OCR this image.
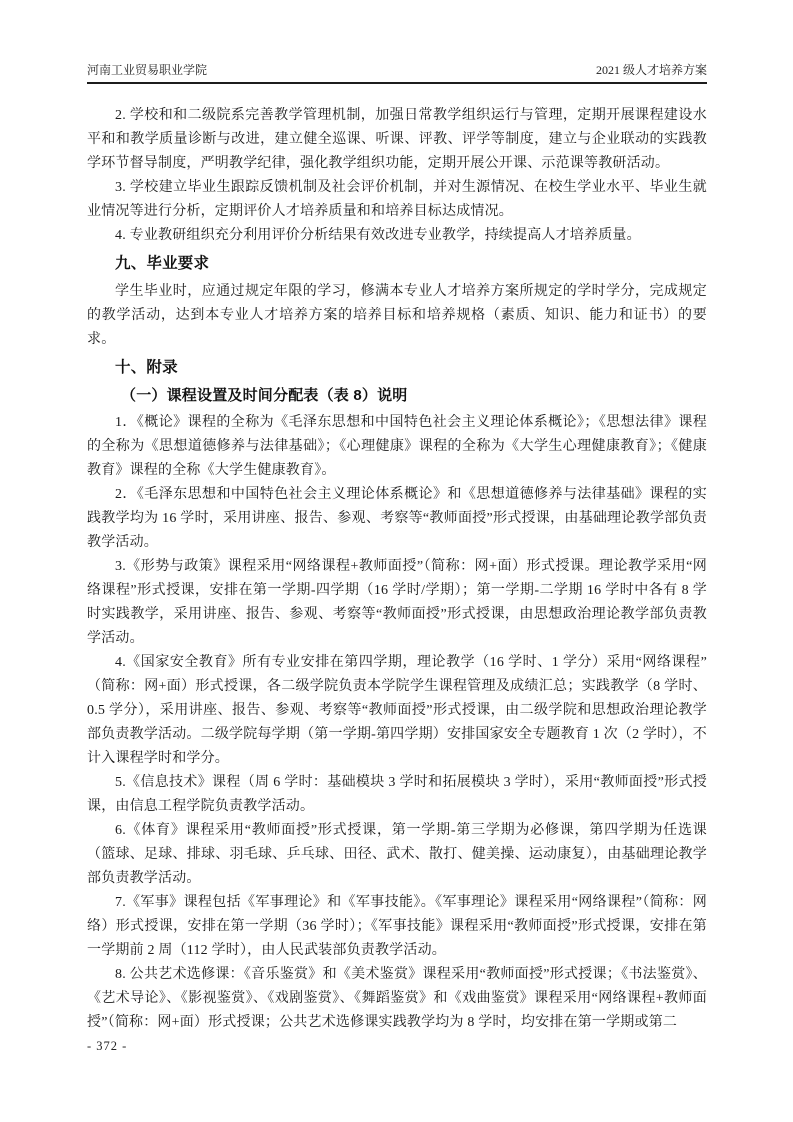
河南工业贸易职业学院	2021 级人才培养方案

2. 学校和和二级院系完善教学管理机制，加强日常教学组织运行与管理，定期开展课程建设水平和和教学质量诊断与改进，建立健全巡课、听课、评教、评学等制度，建立与企业联动的实践教学环节督导制度，严明教学纪律，强化教学组织功能，定期开展公开课、示范课等教研活动。

3. 学校建立毕业生跟踪反馈机制及社会评价机制，并对生源情况、在校生学业水平、毕业生就业情况等进行分析，定期评价人才培养质量和和培养目标达成情况。

4. 专业教研组织充分利用评价分析结果有效改进专业教学，持续提高人才培养质量。

九、毕业要求

学生毕业时，应通过规定年限的学习，修满本专业人才培养方案所规定的学时学分，完成规定的教学活动，达到本专业人才培养方案的培养目标和培养规格（素质、知识、能力和证书）的要求。

十、附录
（一）课程设置及时间分配表（表 8）说明

1．《概论》课程的全称为《毛泽东思想和中国特色社会主义理论体系概论》；《思想法律》课程的全称为《思想道德修养与法律基础》；《心理健康》课程的全称为《大学生心理健康教育》；《健康教育》课程的全称《大学生健康教育》。

2．《毛泽东思想和中国特色社会主义理论体系概论》和《思想道德修养与法律基础》课程的实践教学均为 16 学时，采用讲座、报告、参观、考察等“教师面授”形式授课，由基础理论教学部负责教学活动。

3.《形势与政策》课程采用“网络课程+教师面授”（简称：网+面）形式授课。理论教学采用“网络课程”形式授课，安排在第一学期-四学期（16 学时/学期）；第一学期-二学期 16 学时中各有 8 学时实践教学，采用讲座、报告、参观、考察等“教师面授”形式授课，由思想政治理论教学部负责教学活动。

4.《国家安全教育》所有专业安排在第四学期，理论教学（16 学时、1 学分）采用“网络课程”（简称：网+面）形式授课，各二级学院负责本学院学生课程管理及成绩汇总；实践教学（8 学时、0.5 学分），采用讲座、报告、参观、考察等“教师面授”形式授课，由二级学院和思想政治理论教学部负责教学活动。二级学院每学期（第一学期-第四学期）安排国家安全专题教育 1 次（2 学时），不计入课程学时和学分。

5.《信息技术》课程（周 6 学时：基础模块 3 学时和拓展模块 3 学时），采用“教师面授”形式授课，由信息工程学院负责教学活动。

6.《体育》课程采用“教师面授”形式授课，第一学期-第三学期为必修课，第四学期为任选课（篮球、足球、排球、羽毛球、乒乓球、田径、武术、散打、健美操、运动康复），由基础理论教学部负责教学活动。

7.《军事》课程包括《军事理论》和《军事技能》。《军事理论》课程采用“网络课程”（简称：网络）形式授课，安排在第一学期（36 学时）；《军事技能》课程采用“教师面授”形式授课，安排在第一学期前 2 周（112 学时），由人民武装部负责教学活动。

8. 公共艺术选修课：《音乐鉴赏》和《美术鉴赏》课程采用“教师面授”形式授课；《书法鉴赏》、《艺术导论》、《影视鉴赏》、《戏剧鉴赏》、《舞蹈鉴赏》和《戏曲鉴赏》课程采用“网络课程+教师面授”（简称：网+面）形式授课；公共艺术选修课实践教学均为 8 学时，均安排在第一学期或第二

- 372 -
